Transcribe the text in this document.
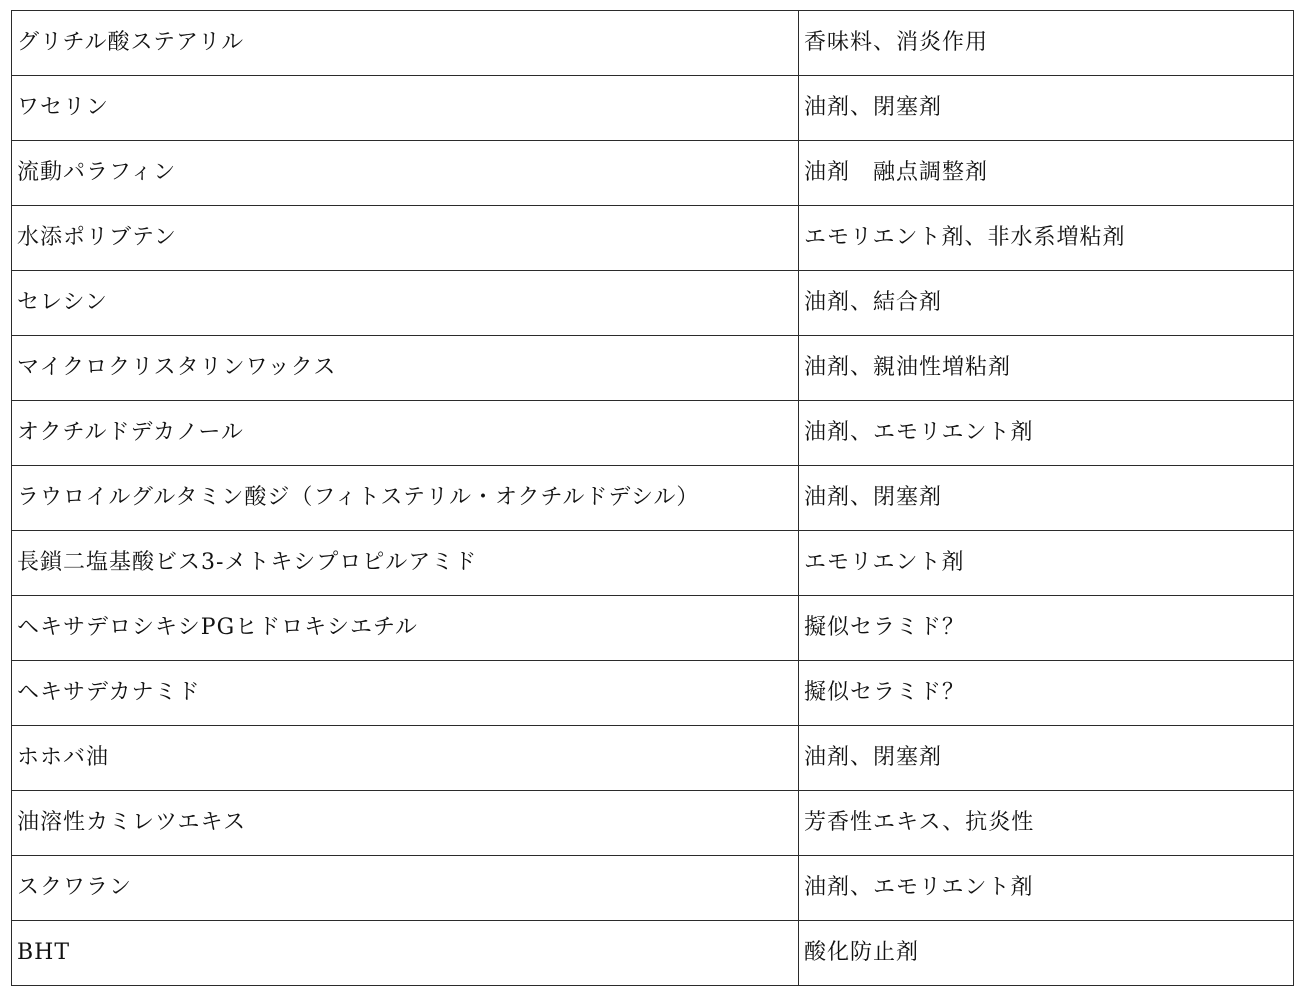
グリチル酸ステアリル	香味料、消炎作用
ワセリン	油剤、閉塞剤
流動パラフィン	油剤　融点調整剤
水添ポリブテン	エモリエント剤、非水系増粘剤
セレシン	油剤、結合剤
マイクロクリスタリンワックス	油剤、親油性増粘剤
オクチルドデカノール	油剤、エモリエント剤
ラウロイルグルタミン酸ジ（フィトステリル・オクチルドデシル）	油剤、閉塞剤
長鎖二塩基酸ビス3-メトキシプロピルアミド	エモリエント剤
ヘキサデロシキシPGヒドロキシエチル	擬似セラミド？
ヘキサデカナミド	擬似セラミド？
ホホバ油	油剤、閉塞剤
油溶性カミレツエキス	芳香性エキス、抗炎性
スクワラン	油剤、エモリエント剤
BHT	酸化防止剤
